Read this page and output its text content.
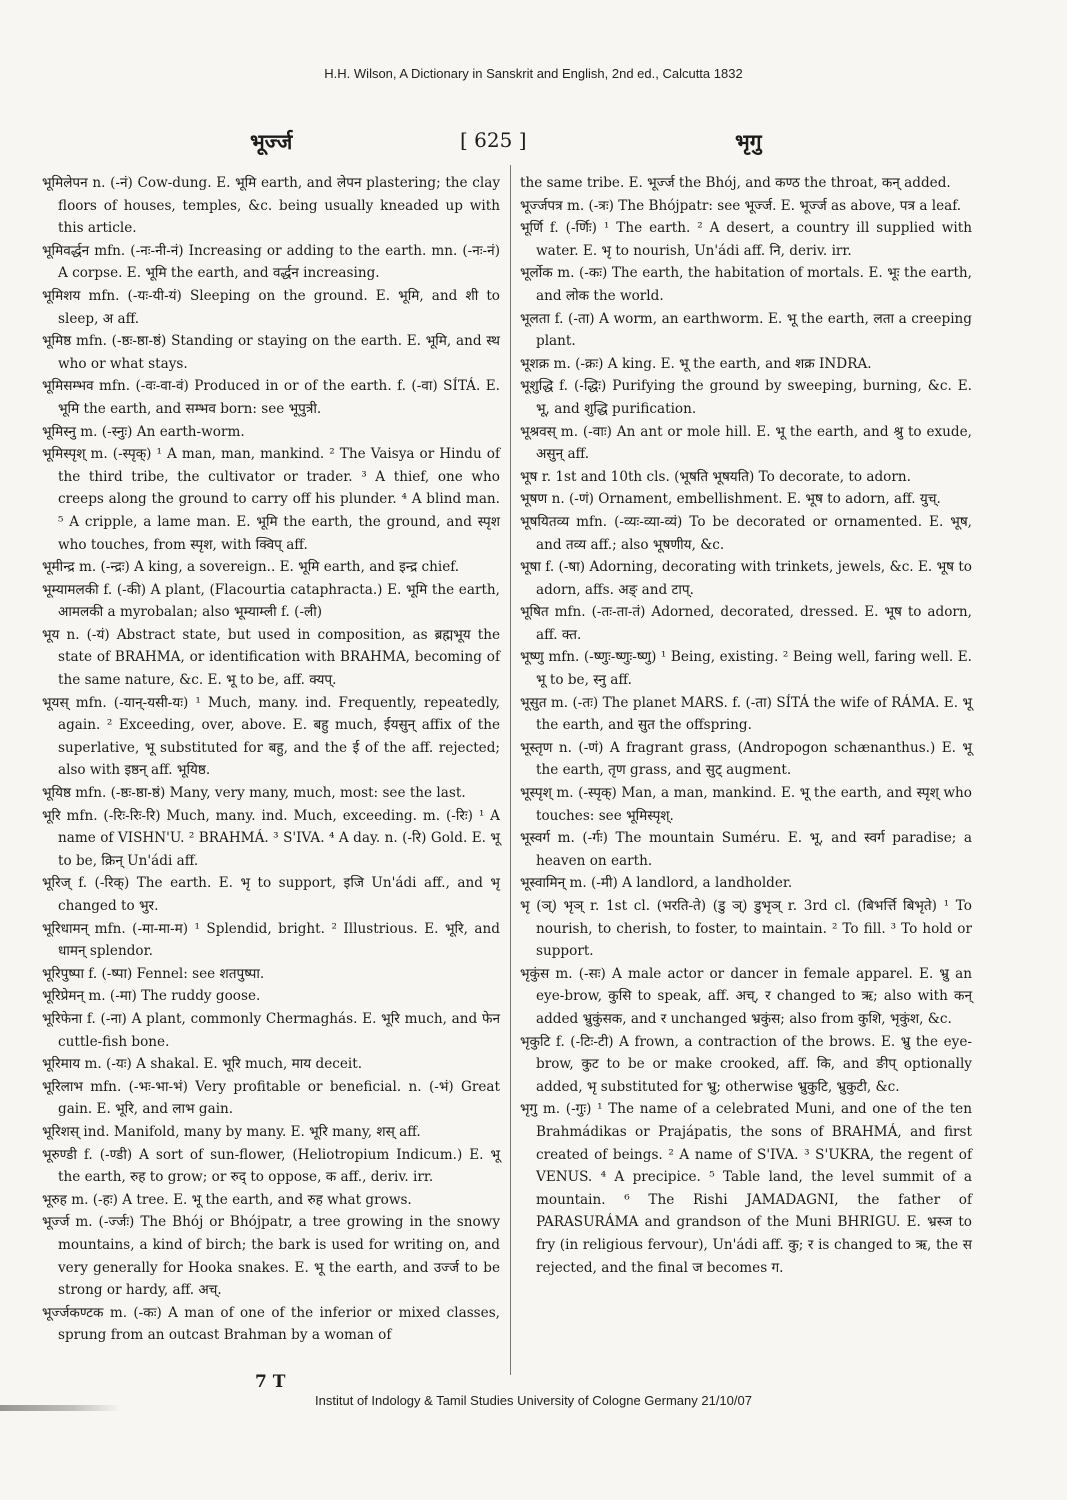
H.H. Wilson, A Dictionary in Sanskrit and English, 2nd ed., Calcutta 1832
भूर्ज्ज	[ 625 ]	भृगु

भूमिलेपन n. (-नं) Cow-dung. E. भूमि earth, and लेपन plastering; the clay floors of houses, temples, &c. being usually kneaded up with this article.

भूमिवर्द्धन mfn. (-नः-नी-नं) Increasing or adding to the earth. mn. (-नः-नं) A corpse. E. भूमि the earth, and वर्द्धन increasing.

भूमिशय mfn. (-यः-यी-यं) Sleeping on the ground. E. भूमि, and शी to sleep, अ aff.

भूमिष्ठ mfn. (-ष्ठः-ष्ठा-ष्ठं) Standing or staying on the earth. E. भूमि, and स्थ who or what stays.

भूमिसम्भव mfn. (-वः-वा-वं) Produced in or of the earth. f. (-वा) SÍTÁ. E. भूमि the earth, and सम्भव born: see भूपुत्री.

भूमिस्नु m. (-स्नुः) An earth-worm.

भूमिस्पृश् m. (-स्पृक्) ¹ A man, man, mankind. ² The Vaisya or Hindu of the third tribe, the cultivator or trader. ³ A thief, one who creeps along the ground to carry off his plunder. ⁴ A blind man. ⁵ A cripple, a lame man. E. भूमि the earth, the ground, and स्पृश who touches, from स्पृश, with क्विप् aff.

भूमीन्द्र m. (-न्द्रः) A king, a sovereign.. E. भूमि earth, and इन्द्र chief.

भूम्यामलकी f. (-की) A plant, (Flacourtia cataphracta.) E. भूमि the earth, आमलकी a myrobalan; also भूम्याम्ली f. (-ली)

भूय n. (-यं) Abstract state, but used in composition, as ब्रह्मभूय the state of BRAHMA, or identification with BRAHMA, becoming of the same nature, &c. E. भू to be, aff. क्यप्.

भूयस् mfn. (-यान्-यसी-यः) ¹ Much, many. ind. Frequently, repeatedly, again. ² Exceeding, over, above. E. बहु much, ईयसुन् affix of the superlative, भू substituted for बहु, and the ई of the aff. rejected; also with इष्ठन् aff. भूयिष्ठ.

भूयिष्ठ mfn. (-ष्ठः-ष्ठा-ष्ठं) Many, very many, much, most: see the last.

भूरि mfn. (-रिः-रिः-रि) Much, many. ind. Much, exceeding. m. (-रिः) ¹ A name of VISHN'U. ² BRAHMÁ. ³ S'IVA. ⁴ A day. n. (-रि) Gold. E. भू to be, क्रिन् Un'ádi aff.

भूरिज् f. (-रिक्) The earth. E. भृ to support, इजि Un'ádi aff., and भृ changed to भुर.

भूरिधामन् mfn. (-मा-मा-म) ¹ Splendid, bright. ² Illustrious. E. भूरि, and धामन् splendor.

भूरिपुष्पा f. (-ष्पा) Fennel: see शतपुष्पा.

भूरिप्रेमन् m. (-मा) The ruddy goose.

भूरिफेना f. (-ना) A plant, commonly Chermaghás. E. भूरि much, and फेन cuttle-fish bone.

भूरिमाय m. (-यः) A shakal. E. भूरि much, माय deceit.

भूरिलाभ mfn. (-भः-भा-भं) Very profitable or beneficial. n. (-भं) Great gain. E. भूरि, and लाभ gain.

भूरिशस् ind. Manifold, many by many. E. भूरि many, शस् aff.

भूरुण्डी f. (-ण्डी) A sort of sun-flower, (Heliotropium Indicum.) E. भू the earth, रुह to grow; or रुद् to oppose, क aff., deriv. irr.

भूरुह m. (-हः) A tree. E. भू the earth, and रुह what grows.

भूर्ज्ज m. (-र्ज्जः) The Bhój or Bhójpatr, a tree growing in the snowy mountains, a kind of birch; the bark is used for writing on, and very generally for Hooka snakes. E. भू the earth, and उर्ज्ज to be strong or hardy, aff. अच्.

भूर्ज्जकण्टक m. (-कः) A man of one of the inferior or mixed classes, sprung from an outcast Brahman by a woman of

the same tribe. E. भूर्ज्ज the Bhój, and कण्ठ the throat, कन् added.

भूर्ज्जपत्र m. (-त्रः) The Bhójpatr: see भूर्ज्ज. E. भूर्ज्ज as above, पत्र a leaf.

भूर्णि f. (-र्णिः) ¹ The earth. ² A desert, a country ill supplied with water. E. भृ to nourish, Un'ádi aff. नि, deriv. irr.

भूर्लोक m. (-कः) The earth, the habitation of mortals. E. भूः the earth, and लोक the world.

भूलता f. (-ता) A worm, an earthworm. E. भू the earth, लता a creeping plant.

भूशक्र m. (-क्रः) A king. E. भू the earth, and शक्र INDRA.

भूशुद्धि f. (-द्धिः) Purifying the ground by sweeping, burning, &c. E. भू, and शुद्धि purification.

भूश्रवस् m. (-वाः) An ant or mole hill. E. भू the earth, and श्रु to exude, असुन् aff.

भूष r. 1st and 10th cls. (भूषति भूषयति) To decorate, to adorn.

भूषण n. (-णं) Ornament, embellishment. E. भूष to adorn, aff. युच्.

भूषयितव्य mfn. (-व्यः-व्या-व्यं) To be decorated or ornamented. E. भूष, and तव्य aff.; also भूषणीय, &c.

भूषा f. (-षा) Adorning, decorating with trinkets, jewels, &c. E. भूष to adorn, affs. अङ् and टाप्.

भूषित mfn. (-तः-ता-तं) Adorned, decorated, dressed. E. भूष to adorn, aff. क्त.

भूष्णु mfn. (-ष्णुः-ष्णुः-ष्णु) ¹ Being, existing. ² Being well, faring well. E. भू to be, स्नु aff.

भूसुत m. (-तः) The planet MARS. f. (-ता) SÍTÁ the wife of RÁMA. E. भू the earth, and सुत the offspring.

भूस्तृण n. (-णं) A fragrant grass, (Andropogon schænanthus.) E. भू the earth, तृण grass, and सुट् augment.

भूस्पृश् m. (-स्पृक्) Man, a man, mankind. E. भू the earth, and स्पृश् who touches: see भूमिस्पृश्.

भूस्वर्ग m. (-र्गः) The mountain Suméru. E. भू, and स्वर्ग paradise; a heaven on earth.

भूस्वामिन् m. (-मी) A landlord, a landholder.

भृ (ञ्) भृञ् r. 1st cl. (भरति-ते) (डु ञ्) डुभृञ् r. 3rd cl. (बिभर्त्ति बिभृते) ¹ To nourish, to cherish, to foster, to maintain. ² To fill. ³ To hold or support.

भृकुंस m. (-सः) A male actor or dancer in female apparel. E. भ्रु an eye-brow, कुसि to speak, aff. अच्, र changed to ऋ; also with कन् added भ्रुकुंसक, and र unchanged भ्रकुंस; also from कुशि, भृकुंश, &c.

भृकुटि f. (-टिः-टी) A frown, a contraction of the brows. E. भ्रु the eye-brow, कुट to be or make crooked, aff. कि, and ङीप् optionally added, भृ substituted for भ्रु; otherwise भ्रुकुटि, भ्रुकुटी, &c.

भृगु m. (-गुः) ¹ The name of a celebrated Muni, and one of the ten Brahmádikas or Prajápatis, the sons of BRAHMÁ, and first created of beings. ² A name of S'IVA. ³ S'UKRA, the regent of VENUS. ⁴ A precipice. ⁵ Table land, the level summit of a mountain. ⁶ The Rishi JAMADAGNI, the father of PARASURÁMA and grandson of the Muni BHRIGU. E. भ्रस्ज to fry (in religious fervour), Un'ádi aff. कु; र is changed to ऋ, the स rejected, and the final ज becomes ग.

7 T
Institut of Indology & Tamil Studies University of Cologne Germany 21/10/07
